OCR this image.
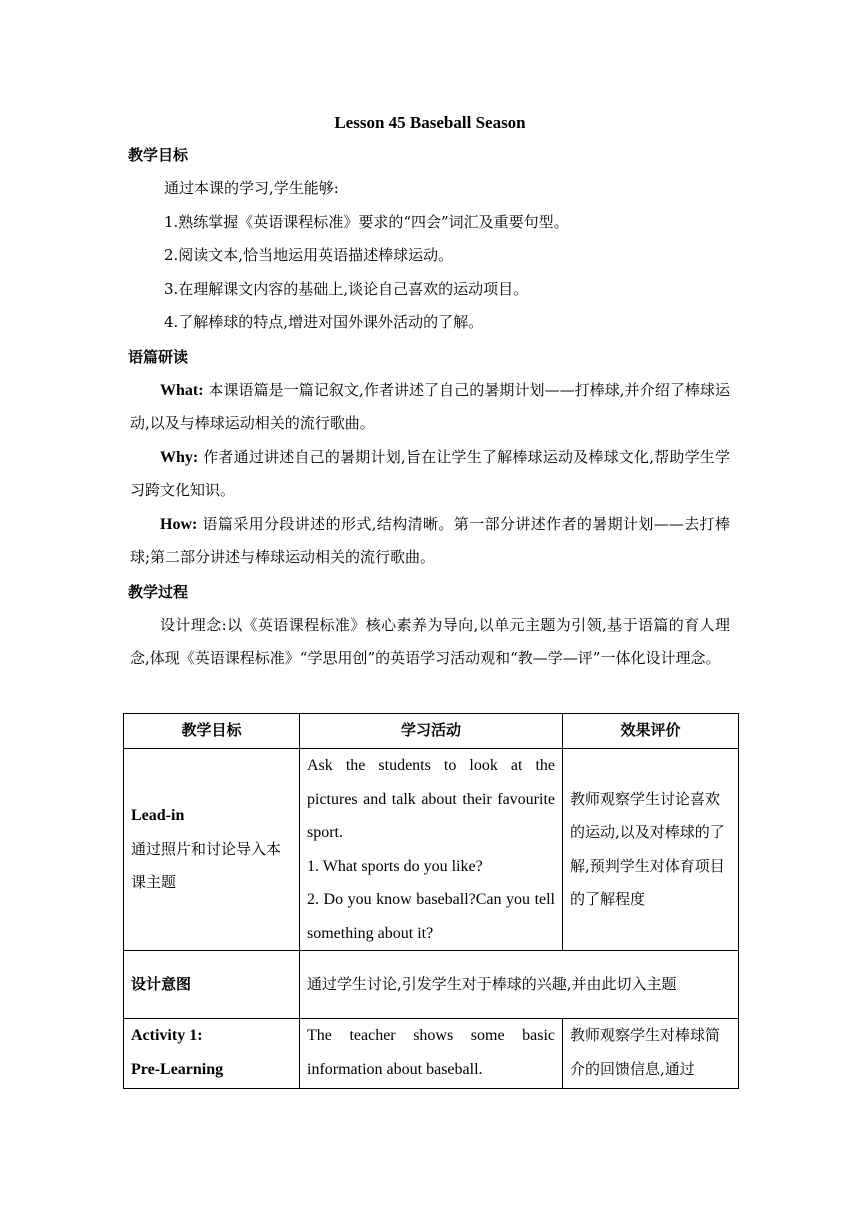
Lesson 45 Baseball Season
教学目标
通过本课的学习,学生能够:
1.熟练掌握《英语课程标准》要求的“四会”词汇及重要句型。
2.阅读文本,恰当地运用英语描述棒球运动。
3.在理解课文内容的基础上,谈论自己喜欢的运动项目。
4.了解棒球的特点,增进对国外课外活动的了解。
语篇研读
What: 本课语篇是一篇记叙文,作者讲述了自己的暑期计划——打棒球,并介绍了棒球运动,以及与棒球运动相关的流行歌曲。
Why: 作者通过讲述自己的暑期计划,旨在让学生了解棒球运动及棒球文化,帮助学生学习跨文化知识。
How: 语篇采用分段讲述的形式,结构清晰。第一部分讲述作者的暑期计划——去打棒球;第二部分讲述与棒球运动相关的流行歌曲。
教学过程
设计理念:以《英语课程标准》核心素养为导向,以单元主题为引领,基于语篇的育人理念,体现《英语课程标准》“学思用创”的英语学习活动观和“教—学—评”一体化设计理念。
教学目标	学习活动	效果评价

Lead-in
通过照片和讨论导入本课主题	Ask the students to look at the pictures and talk about their favourite sport.
1. What sports do you like?
2. Do you know baseball?Can you tell something about it?	教师观察学生讨论喜欢的运动,以及对棒球的了解,预判学生对体育项目的了解程度
设计意图	通过学生讨论,引发学生对于棒球的兴趣,并由此切入主题	

Activity 1:
Pre-Learning	The teacher shows some basic information about baseball.	教师观察学生对棒球简介的回馈信息,通过
